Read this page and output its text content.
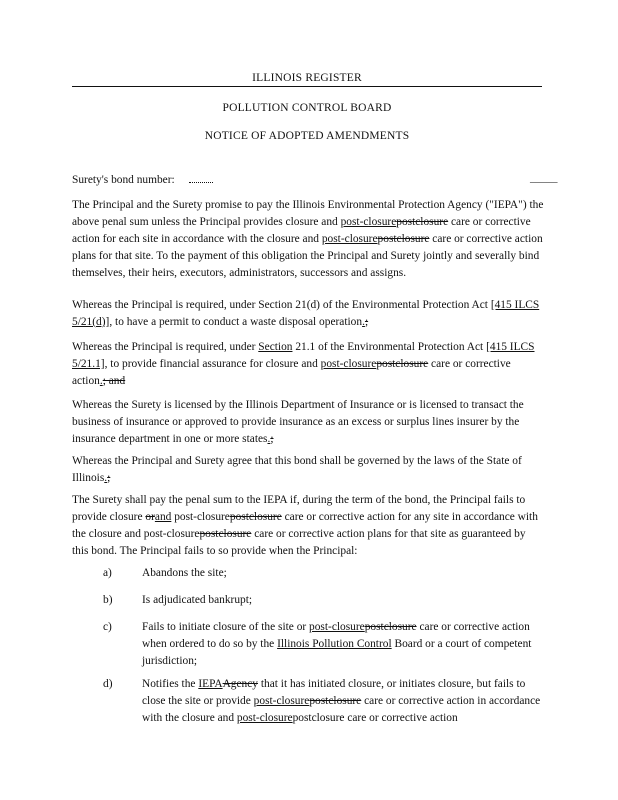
ILLINOIS REGISTER
POLLUTION CONTROL BOARD
NOTICE OF ADOPTED AMENDMENTS

Surety's bond number:	_____

The Principal and the Surety promise to pay the Illinois Environmental Protection Agency ("IEPA") the above penal sum unless the Principal provides closure and post-closurepostclosure care or corrective action for each site in accordance with the closure and post-closurepostclosure care or corrective action plans for that site. To the payment of this obligation the Principal and Surety jointly and severally bind themselves, their heirs, executors, administrators, successors and assigns.

Whereas the Principal is required, under Section 21(d) of the Environmental Protection Act [415 ILCS 5/21(d)], to have a permit to conduct a waste disposal operation.;

Whereas the Principal is required, under Section 21.1 of the Environmental Protection Act [415 ILCS 5/21.1], to provide financial assurance for closure and post-closurepostclosure care or corrective action.; and

Whereas the Surety is licensed by the Illinois Department of Insurance or is licensed to transact the business of insurance or approved to provide insurance as an excess or surplus lines insurer by the insurance department in one or more states.;

Whereas the Principal and Surety agree that this bond shall be governed by the laws of the State of Illinois.;

The Surety shall pay the penal sum to the IEPA if, during the term of the bond, the Principal fails to provide closure orand post-closurepostclosure care or corrective action for any site in accordance with the closure and post-closurepostclosure care or corrective action plans for that site as guaranteed by this bond. The Principal fails to so provide when the Principal:

a)	Abandons the site;

b)	Is adjudicated bankrupt;

c)	Fails to initiate closure of the site or post-closurepostclosure care or corrective action when ordered to do so by the Illinois Pollution Control Board or a court of competent jurisdiction;

d)	Notifies the IEPAAgency that it has initiated closure, or initiates closure, but fails to close the site or provide post-closurepostclosure care or corrective action in accordance with the closure and post-closurepostclosure care or corrective action
